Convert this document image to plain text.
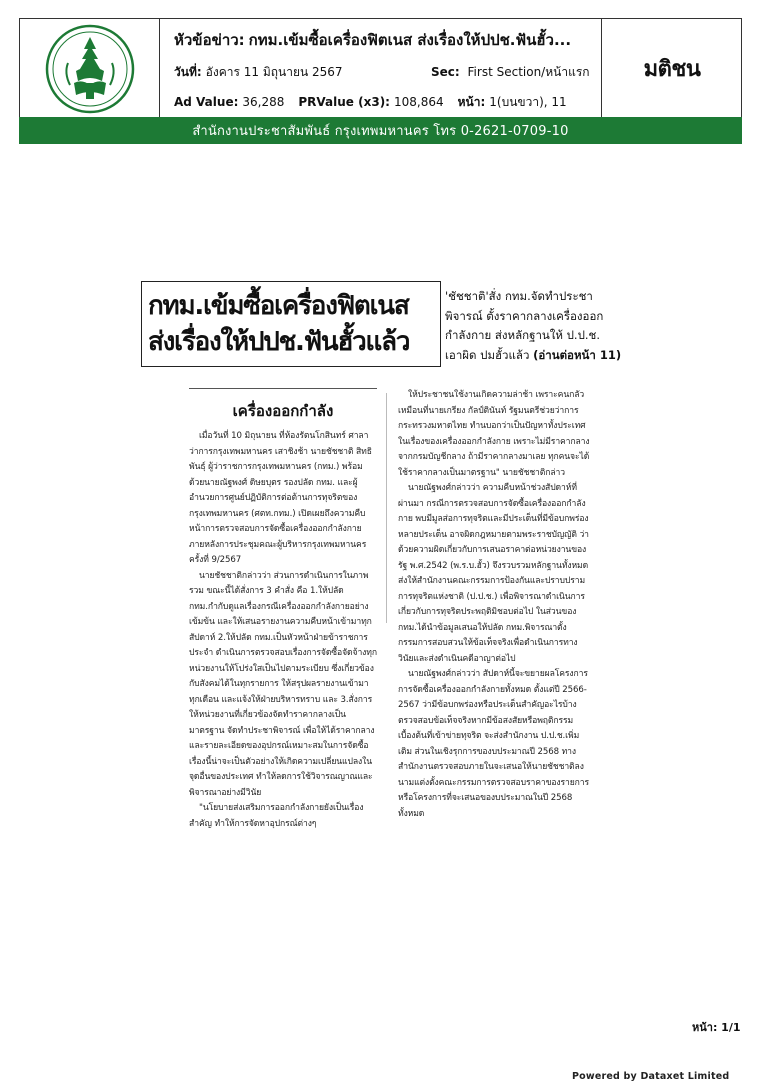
หัวข้อข่าว: กทม.เข้มซื้อเครื่องฟิตเนส ส่งเรื่องให้ปปช.ฟันฮั้ว...
วันที่: อังคาร 11 มิถุนายน 2567	Sec: First Section/หน้าแรก
Ad Value: 36,288 PRValue (x3): 108,864 หน้า: 1(บนขวา), 11
มติชน
สำนักงานประชาสัมพันธ์ กรุงเทพมหานคร โทร 0-2621-0709-10
กทม.เข้มซื้อเครื่องฟิตเนส
ส่งเรื่องให้ปปช.ฟันฮั้วแล้ว
'ชัชชาติ'สั่ง กทม.จัดทำประชา
พิจารณ์ ตั้งราคากลางเครื่องออก
กำลังกาย ส่งหลักฐานให้ ป.ป.ช.
เอาผิด ปมฮั้วแล้ว (อ่านต่อหน้า 11)
เครื่องออกกำลัง

เมื่อวันที่ 10 มิถุนายน ที่ห้องรัตนโกสินทร์ ศาลาว่าการกรุงเทพมหานคร เสาชิงช้า นายชัชชาติ สิทธิพันธุ์ ผู้ว่าราชการกรุงเทพมหานคร (กทม.) พร้อมด้วยนายณัฐพงศ์ ดิษยบุตร รองปลัด กทม. และผู้อำนวยการศูนย์ปฏิบัติการต่อต้านการทุจริตของกรุงเทพมหานคร (ศตท.กทม.) เปิดเผยถึงความคืบหน้าการตรวจสอบการจัดซื้อเครื่องออกกำลังกาย ภายหลังการประชุมคณะผู้บริหารกรุงเทพมหานคร ครั้งที่ 9/2567

นายชัชชาติกล่าวว่า ส่วนการดำเนินการในภาพรวม ขณะนี้ได้สั่งการ 3 คำสั่ง คือ 1.ให้ปลัด กทม.กำกับดูแลเรื่องกรณีเครื่องออกกำลังกายอย่างเข้มข้น และให้เสนอรายงานความคืบหน้าเข้ามาทุกสัปดาห์ 2.ให้ปลัด กทม.เป็นหัวหน้าฝ่ายข้าราชการประจำ ดำเนินการตรวจสอบเรื่องการจัดซื้อจัดจ้างทุกหน่วยงานให้โปร่งใสเป็นไปตามระเบียบ ซึ่งเกี่ยวข้องกับสังคมได้ในทุกรายการ ให้สรุปผลรายงานเข้ามาทุกเดือน และแจ้งให้ฝ่ายบริหารทราบ และ 3.สั่งการให้หน่วยงานที่เกี่ยวข้องจัดทำราคากลางเป็นมาตรฐาน จัดทำประชาพิจารณ์ เพื่อให้ได้ราคากลางและรายละเอียดของอุปกรณ์เหมาะสมในการจัดซื้อ เรื่องนี้น่าจะเป็นตัวอย่างให้เกิดความเปลี่ยนแปลงในจุดอื่นของประเทศ ทำให้ลดการใช้วิจารณญาณและพิจารณาอย่างมีวินัย

"นโยบายส่งเสริมการออกกำลังกายยังเป็นเรื่องสำคัญ ทำให้การจัดหาอุปกรณ์ต่างๆ

ให้ประชาชนใช้งานเกิดความล่าช้า เพราะคนกลัว เหมือนที่นายเกรียง กัลป์ตินันท์ รัฐมนตรีช่วยว่าการกระทรวงมหาดไทย ทำนบอกว่าเป็นปัญหาทั้งประเทศในเรื่องของเครื่องออกกำลังกาย เพราะไม่มีราคากลางจากกรมบัญชีกลาง ถ้ามีราคากลางมาเลย ทุกคนจะได้ใช้ราคากลางเป็นมาตรฐาน" นายชัชชาติกล่าว

นายณัฐพงศ์กล่าวว่า ความคืบหน้าช่วงสัปดาห์ที่ผ่านมา กรณีการตรวจสอบการจัดซื้อเครื่องออกกำลังกาย พบมีมูลส่อการทุจริตและมีประเด็นที่มีข้อบกพร่องหลายประเด็น อาจผิดกฎหมายตามพระราชบัญญัติ ว่าด้วยความผิดเกี่ยวกับการเสนอราคาต่อหน่วยงานของรัฐ พ.ศ.2542 (พ.ร.บ.ฮั้ว) จึงรวบรวมหลักฐานทั้งหมดส่งให้สำนักงานคณะกรรมการป้องกันและปราบปรามการทุจริตแห่งชาติ (ป.ป.ช.) เพื่อพิจารณาดำเนินการเกี่ยวกับการทุจริตประพฤติมิชอบต่อไป ในส่วนของ กทม.ได้นำข้อมูลเสนอให้ปลัด กทม.พิจารณาตั้งกรรมการสอบสวนให้ข้อเท็จจริงเพื่อดำเนินการทางวินัยและส่งดำเนินคดีอาญาต่อไป

นายณัฐพงศ์กล่าวว่า สัปดาห์นี้จะขยายผลโครงการการจัดซื้อเครื่องออกกำลังกายทั้งหมด ตั้งแต่ปี 2566-2567 ว่ามีข้อบกพร่องหรือประเด็นสำคัญอะไรบ้าง ตรวจสอบข้อเท็จจริงหากมีข้อสงสัยหรือพฤติกรรมเบื้องต้นที่เข้าข่ายทุจริต จะส่งสำนักงาน ป.ป.ช.เพิ่มเติม ส่วนในเชิงรุกการของบประมาณปี 2568 ทางสำนักงานตรวจสอบภายในจะเสนอให้นายชัชชาติลงนามแต่งตั้งคณะกรรมการตรวจสอบราคาของรายการ หรือโครงการที่จะเสนอของบประมาณในปี 2568 ทั้งหมด

หน้า: 1/1
Powered by Dataxet Limited
